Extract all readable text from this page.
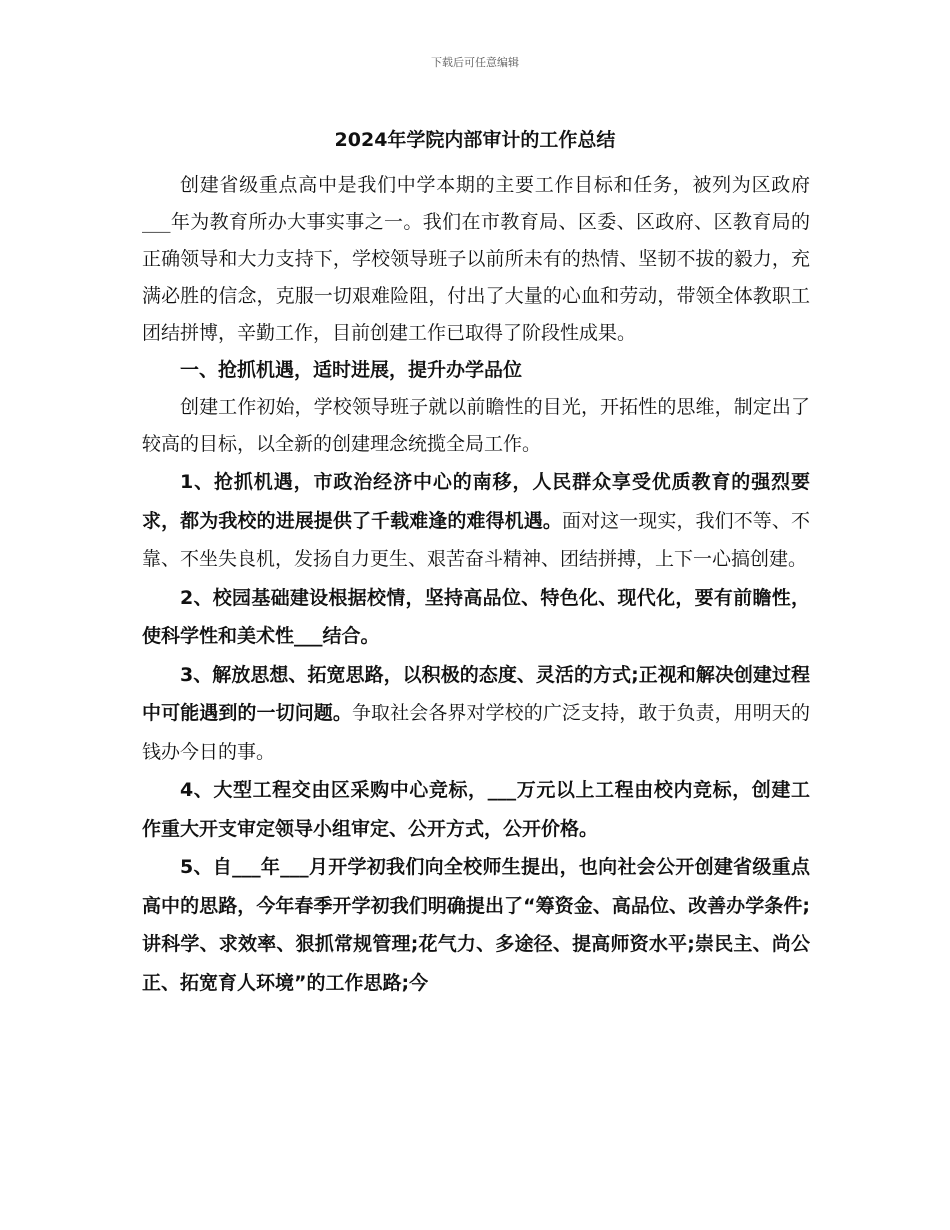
下载后可任意编辑
2024年学院内部审计的工作总结

创建省级重点高中是我们中学本期的主要工作目标和任务，被列为区政府___年为教育所办大事实事之一。我们在市教育局、区委、区政府、区教育局的正确领导和大力支持下，学校领导班子以前所未有的热情、坚韧不拔的毅力，充满必胜的信念，克服一切艰难险阻，付出了大量的心血和劳动，带领全体教职工团结拼博，辛勤工作，目前创建工作已取得了阶段性成果。

一、抢抓机遇，适时进展，提升办学品位

创建工作初始，学校领导班子就以前瞻性的目光，开拓性的思维，制定出了较高的目标，以全新的创建理念统揽全局工作。

1、抢抓机遇，市政治经济中心的南移，人民群众享受优质教育的强烈要求，都为我校的进展提供了千载难逢的难得机遇。面对这一现实，我们不等、不靠、不坐失良机，发扬自力更生、艰苦奋斗精神、团结拼搏，上下一心搞创建。

2、校园基础建设根据校情，坚持高品位、特色化、现代化，要有前瞻性，使科学性和美术性___结合。

3、解放思想、拓宽思路，以积极的态度、灵活的方式;正视和解决创建过程中可能遇到的一切问题。争取社会各界对学校的广泛支持，敢于负责，用明天的钱办今日的事。

4、大型工程交由区采购中心竞标，___万元以上工程由校内竞标，创建工作重大开支审定领导小组审定、公开方式，公开价格。

5、自___年___月开学初我们向全校师生提出，也向社会公开创建省级重点高中的思路，今年春季开学初我们明确提出了“筹资金、高品位、改善办学条件;讲科学、求效率、狠抓常规管理;花气力、多途径、提高师资水平;崇民主、尚公正、拓宽育人环境”的工作思路;今
